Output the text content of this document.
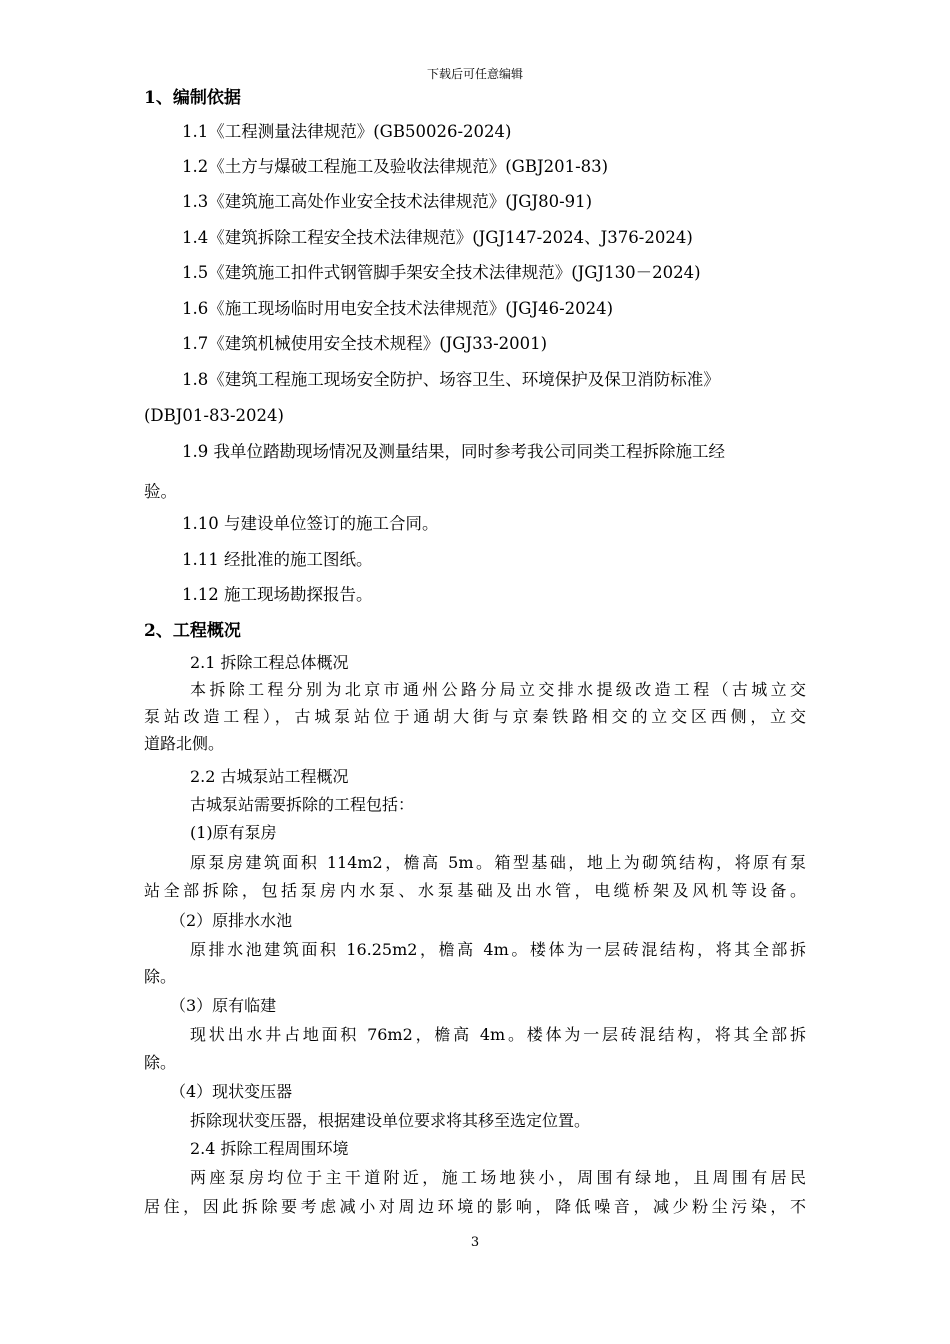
下载后可任意编辑
1、编制依据
1.1《工程测量法律规范》(GB50026-2024)
1.2《土方与爆破工程施工及验收法律规范》(GBJ201-83)
1.3《建筑施工高处作业安全技术法律规范》(JGJ80-91)
1.4《建筑拆除工程安全技术法律规范》(JGJ147-2024、J376-2024)
1.5《建筑施工扣件式钢管脚手架安全技术法律规范》(JGJ130－2024)
1.6《施工现场临时用电安全技术法律规范》(JGJ46-2024)
1.7《建筑机械使用安全技术规程》(JGJ33-2001)
1.8《建筑工程施工现场安全防护、场容卫生、环境保护及保卫消防标准》
(DBJ01-83-2024)
1.9 我单位踏勘现场情况及测量结果，同时参考我公司同类工程拆除施工经
验。
1.10 与建设单位签订的施工合同。
1.11 经批准的施工图纸。
1.12 施工现场勘探报告。
2、工程概况
2.1 拆除工程总体概况
本拆除工程分别为北京市通州公路分局立交排水提级改造工程（古城立交
泵站改造工程），古城泵站位于通胡大街与京秦铁路相交的立交区西侧，立交
道路北侧。
2.2 古城泵站工程概况
古城泵站需要拆除的工程包括：
(1)原有泵房
原泵房建筑面积 114m2，檐高 5m。箱型基础，地上为砌筑结构，将原有泵
站全部拆除，包括泵房内水泵、水泵基础及出水管，电缆桥架及风机等设备。
（2）原排水水池
原排水池建筑面积 16.25m2，檐高 4m。楼体为一层砖混结构，将其全部拆
除。
（3）原有临建
现状出水井占地面积 76m2，檐高 4m。楼体为一层砖混结构，将其全部拆
除。
（4）现状变压器
拆除现状变压器，根据建设单位要求将其移至选定位置。
2.4 拆除工程周围环境
两座泵房均位于主干道附近，施工场地狭小，周围有绿地，且周围有居民
居住，因此拆除要考虑减小对周边环境的影响，降低噪音，减少粉尘污染，不
3
